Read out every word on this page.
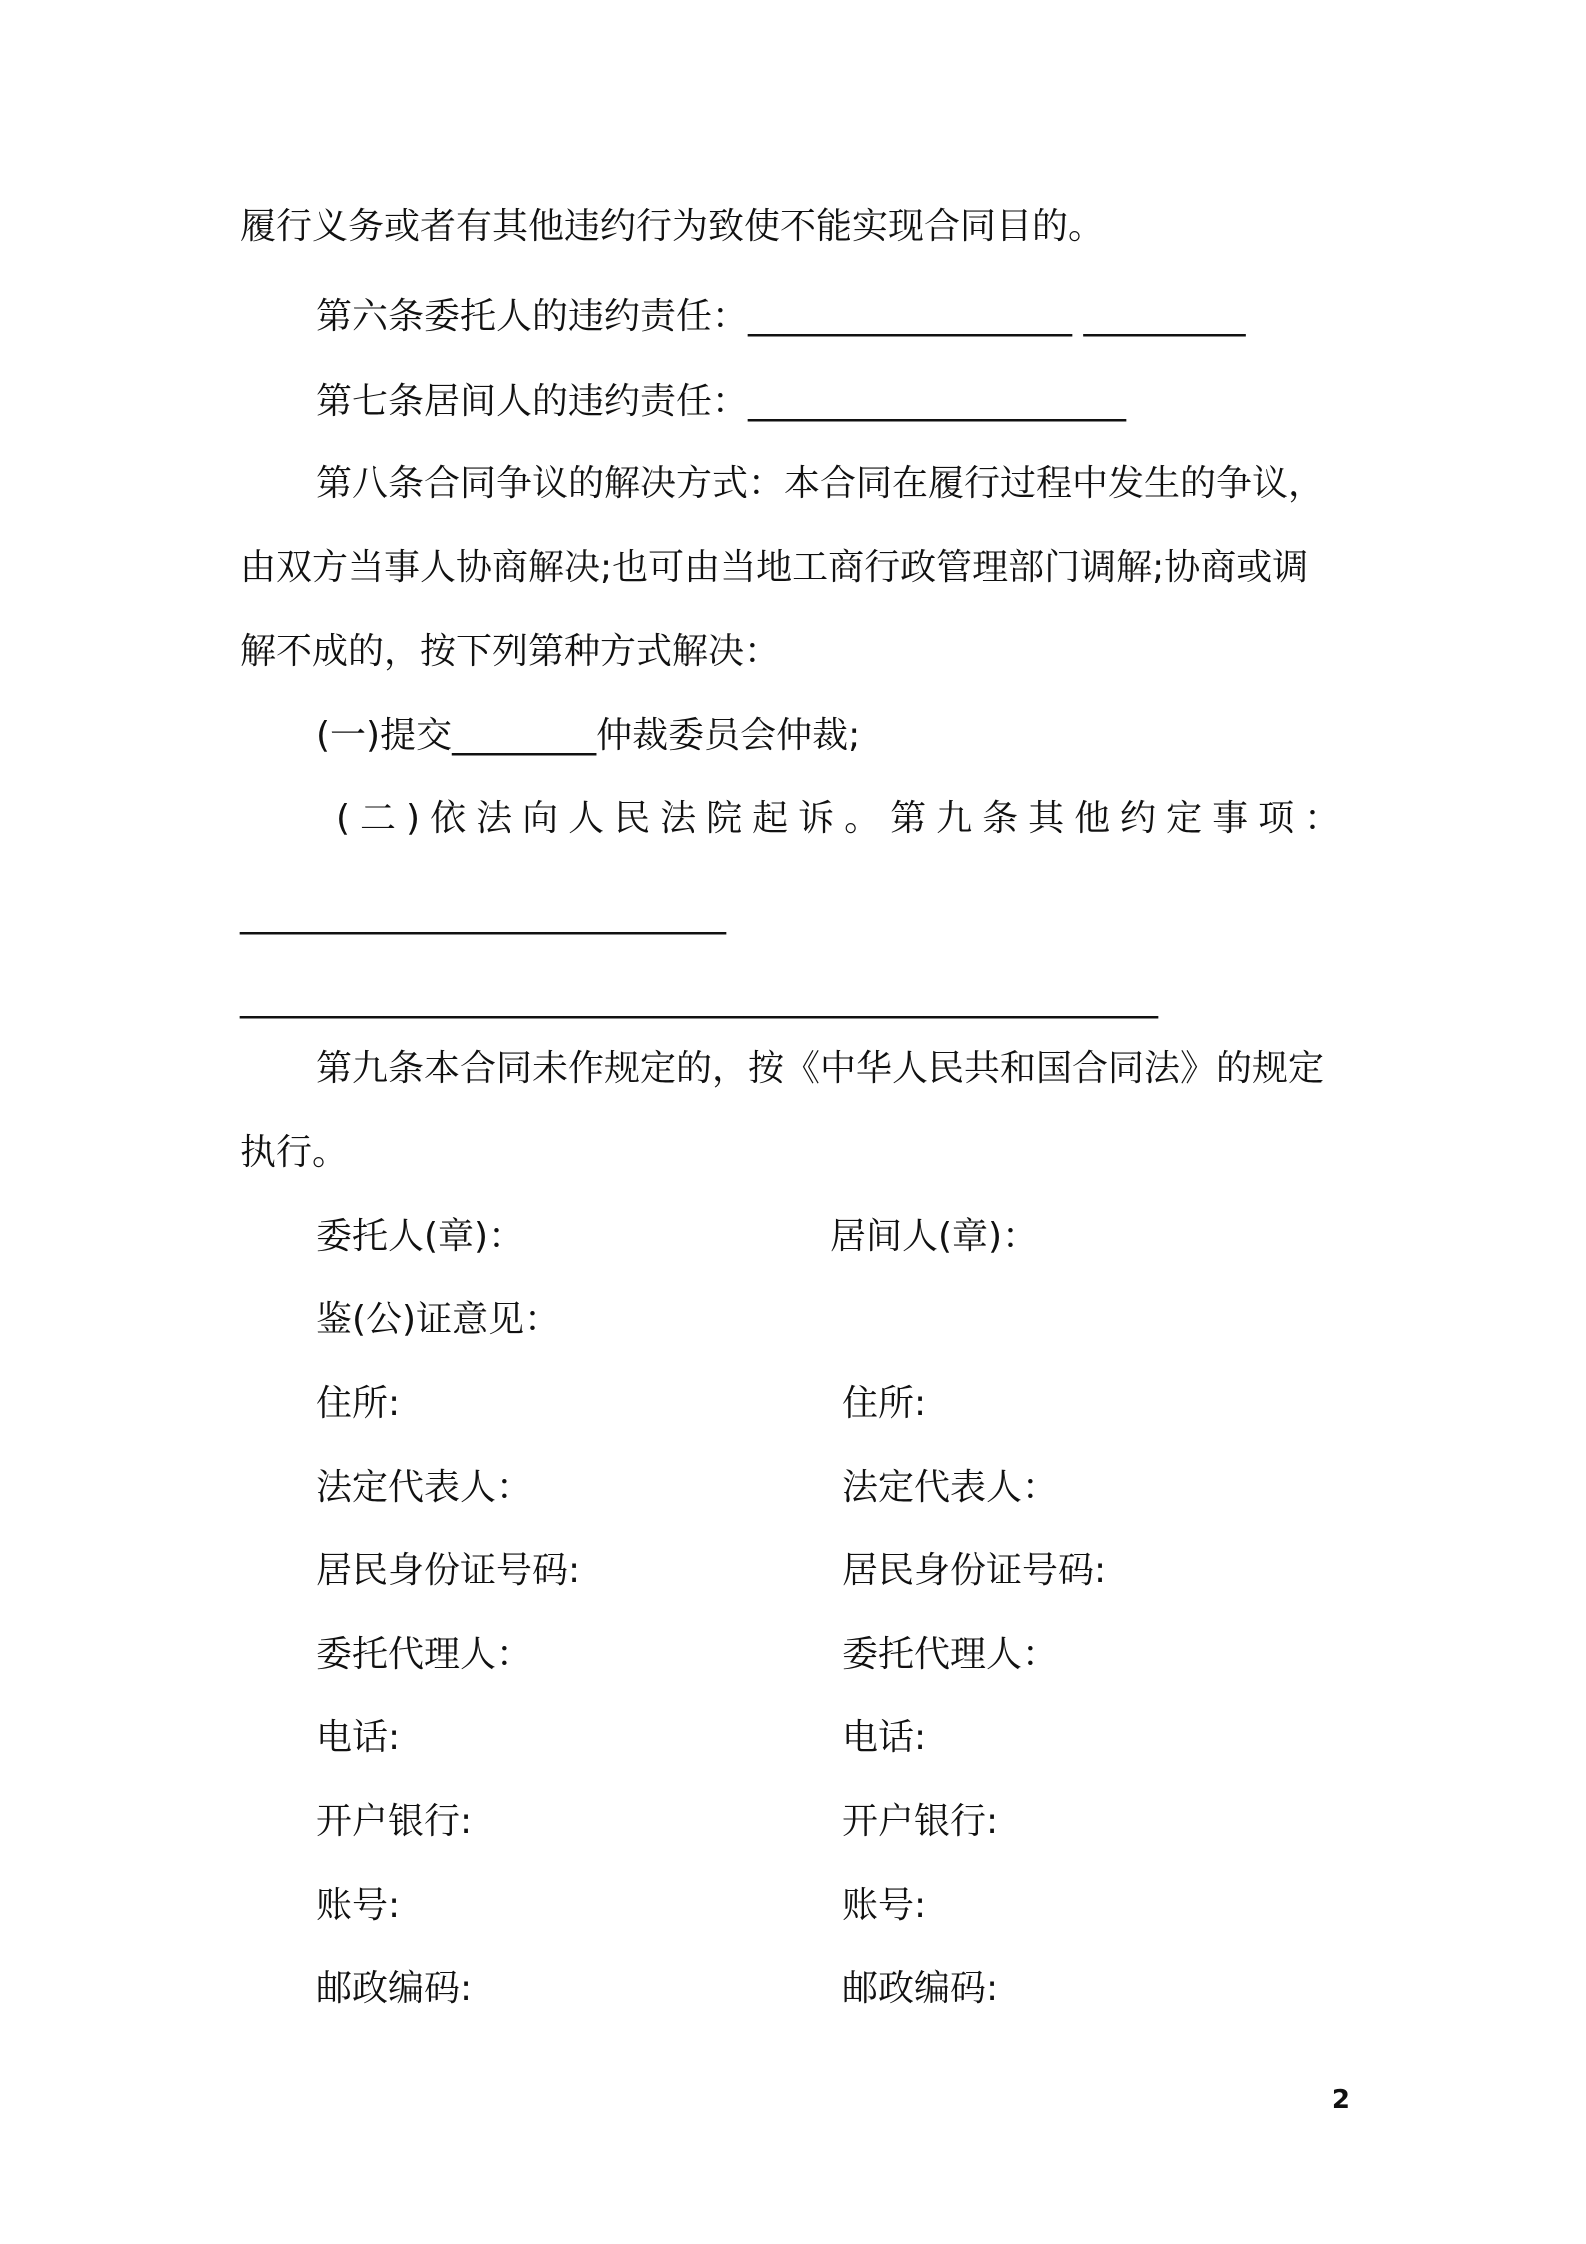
履行义务或者有其他违约行为致使不能实现合同目的。
第六条委托人的违约责任：__________________ _________
第七条居间人的违约责任：_____________________
第八条合同争议的解决方式：本合同在履行过程中发生的争议，
由双方当事人协商解决;也可由当地工商行政管理部门调解;协商或调
解不成的，按下列第种方式解决：
(一)提交________仲裁委员会仲裁;
(二)依法向人民法院起诉。第九条其他约定事项：
___________________________
___________________________________________________
第九条本合同未作规定的，按《中华人民共和国合同法》的规定
执行。
委托人(章)：
鉴(公)证意见：
住所:
法定代表人：
居民身份证号码:
委托代理人：
电话:
开户银行:
账号:
邮政编码:
居间人(章)：
住所:
法定代表人：
居民身份证号码:
委托代理人：
电话:
开户银行:
账号:
邮政编码:
2
